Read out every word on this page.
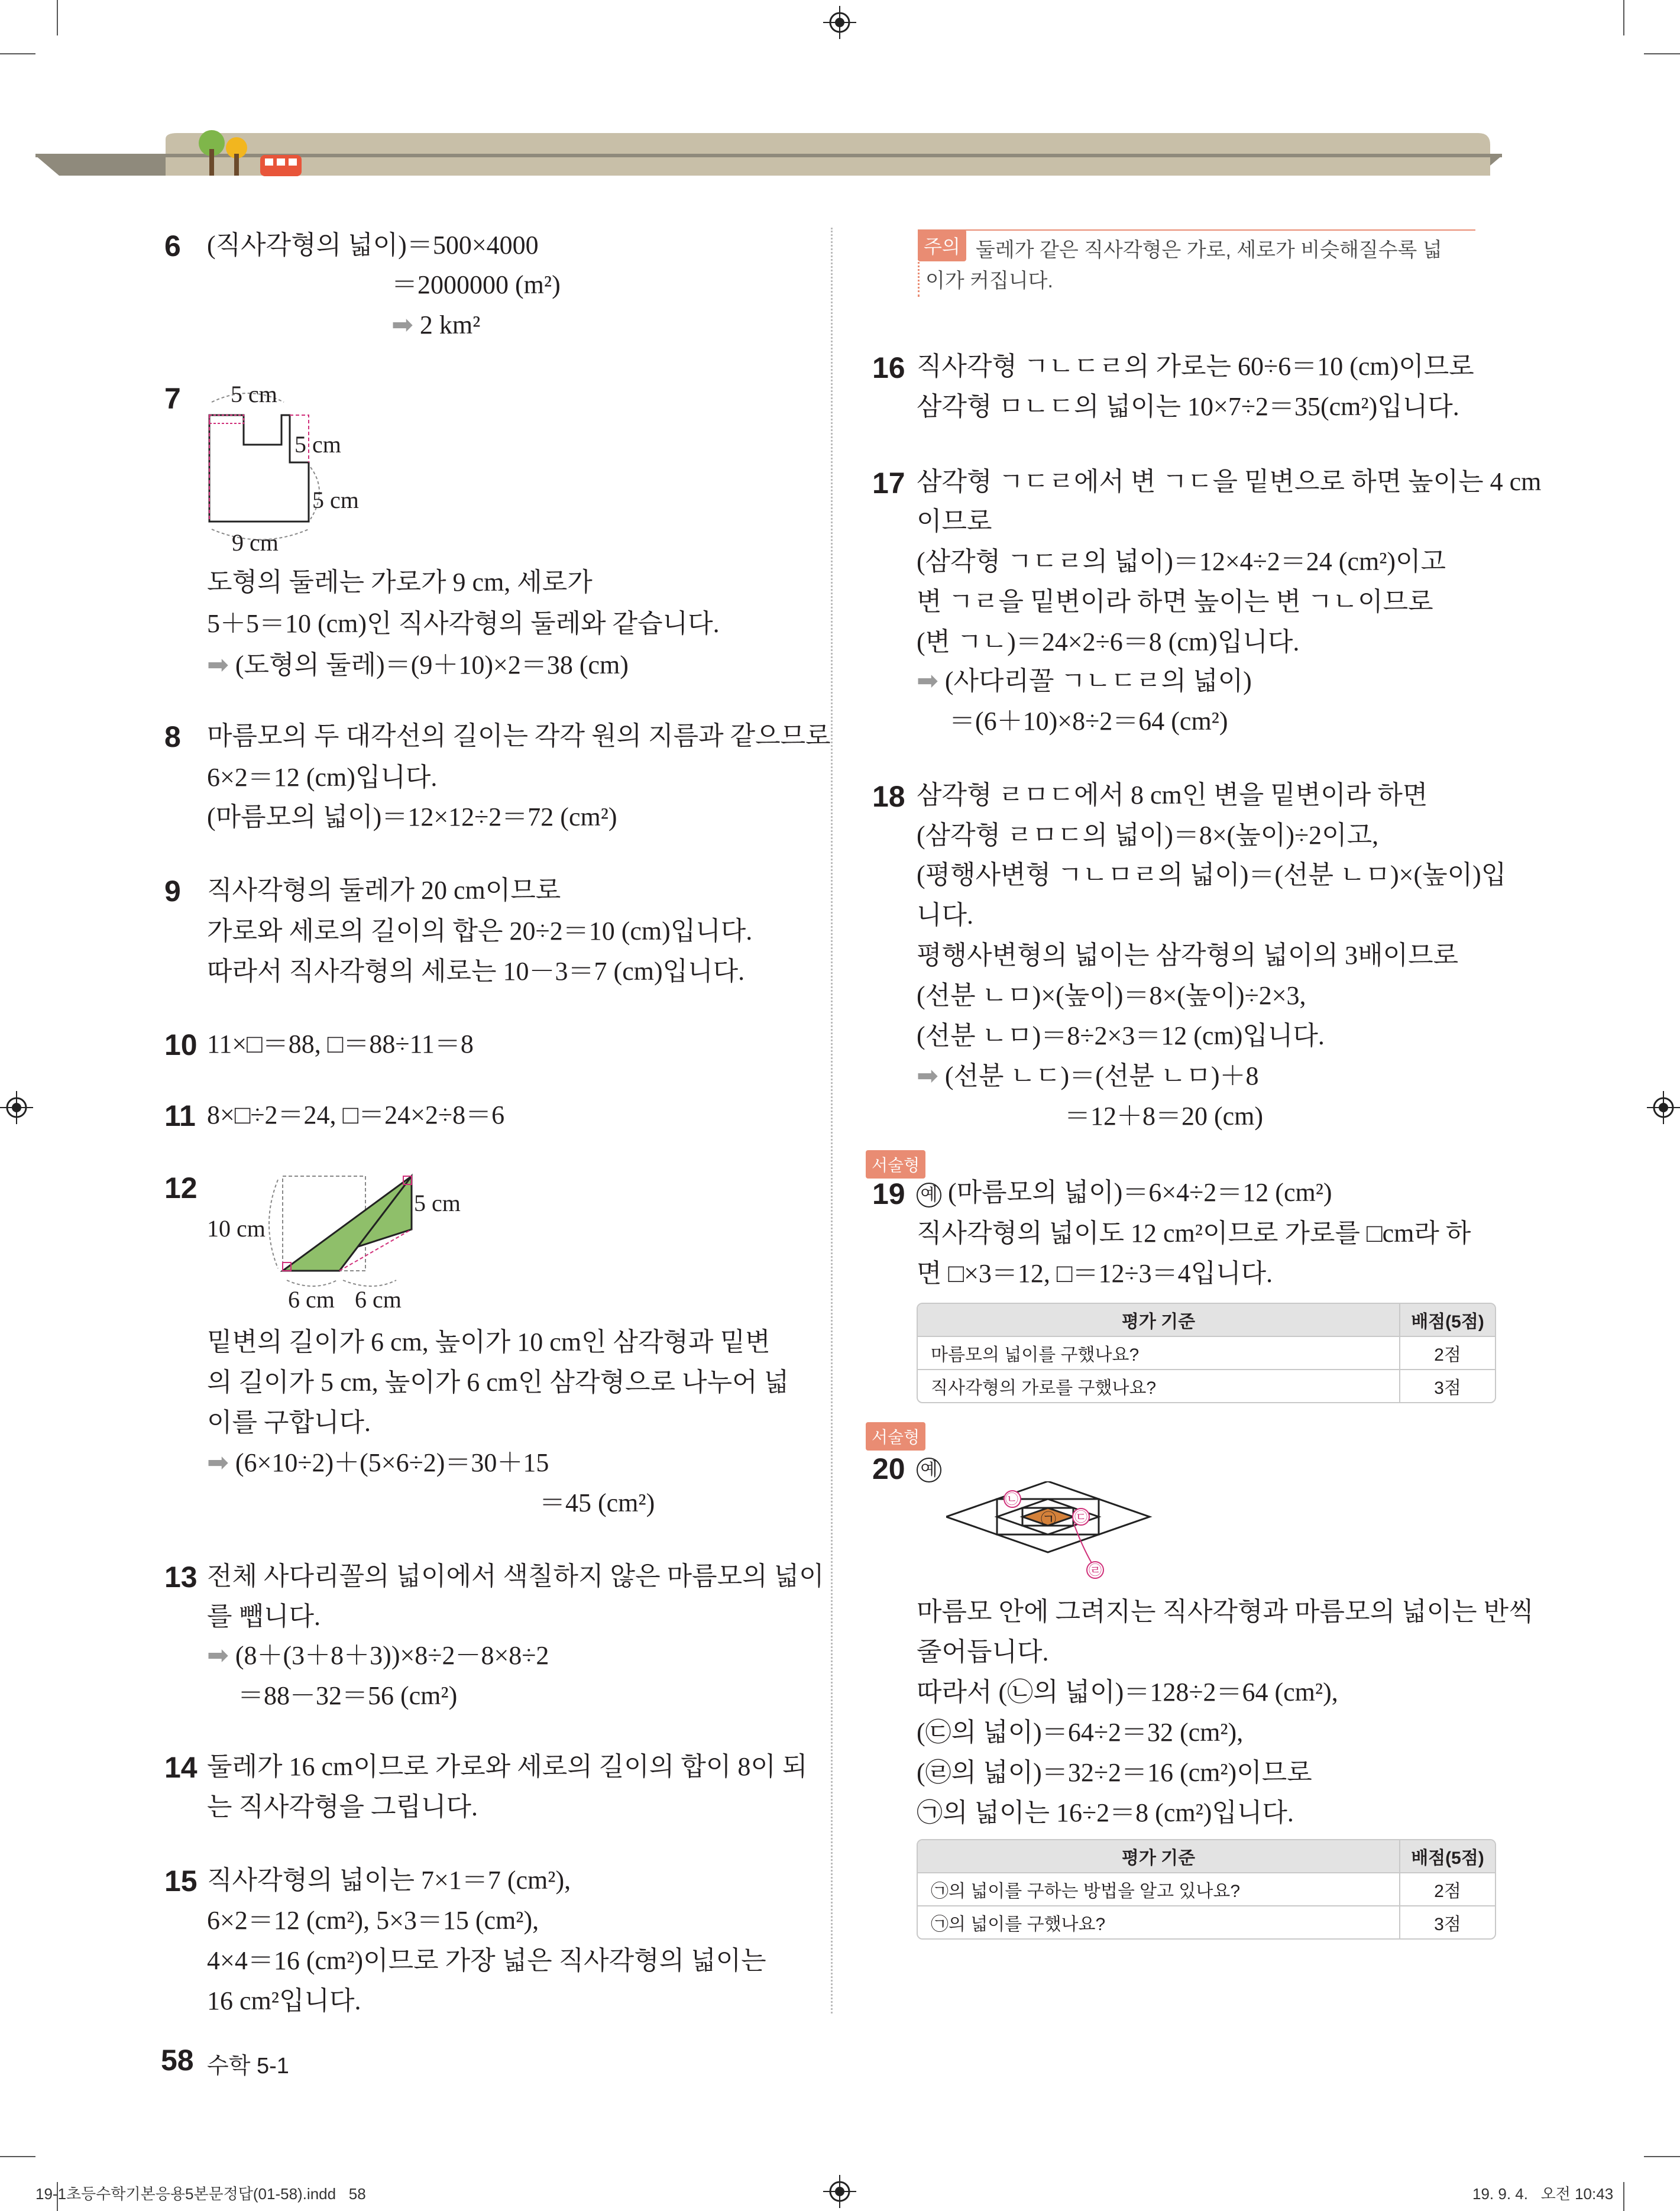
6 (직사각형의 넓이)＝500×4000
＝2000000 (m²)
➡ 2 km²
7 5 cm
5 cm
5 cm
9 cm
도형의 둘레는 가로가 9 cm, 세로가
5＋5＝10 (cm)인 직사각형의 둘레와 같습니다.
➡ (도형의 둘레)＝(9＋10)×2＝38 (cm)
8 마름모의 두 대각선의 길이는 각각 원의 지름과 같으므로
6×2＝12 (cm)입니다.
(마름모의 넓이)＝12×12÷2＝72 (cm²)
9 직사각형의 둘레가 20 cm이므로
가로와 세로의 길이의 합은 20÷2＝10 (cm)입니다.
따라서 직사각형의 세로는 10－3＝7 (cm)입니다.
10 11×□＝88, □＝88÷11＝8
11 8×□÷2＝24, □＝24×2÷8＝6
12
10 cm
5 cm
6 cm 6 cm
밑변의 길이가 6 cm, 높이가 10 cm인 삼각형과 밑변
의 길이가 5 cm, 높이가 6 cm인 삼각형으로 나누어 넓
이를 구합니다.
➡ (6×10÷2)＋(5×6÷2)＝30＋15
＝45 (cm²)
13 전체 사다리꼴의 넓이에서 색칠하지 않은 마름모의 넓이
를 뺍니다.
➡ (8＋(3＋8＋3))×8÷2－8×8÷2
＝88－32＝56 (cm²)
14 둘레가 16 cm이므로 가로와 세로의 길이의 합이 8이 되
는 직사각형을 그립니다.
15 직사각형의 넓이는 7×1＝7 (cm²),
6×2＝12 (cm²), 5×3＝15 (cm²),
4×4＝16 (cm²)이므로 가장 넓은 직사각형의 넓이는
16 cm²입니다.
주의 둘레가 같은 직사각형은 가로, 세로가 비슷해질수록 넓
이가 커집니다.
16 직사각형 ㄱㄴㄷㄹ의 가로는 60÷6＝10 (cm)이므로
삼각형 ㅁㄴㄷ의 넓이는 10×7÷2＝35(cm²)입니다.
17 삼각형 ㄱㄷㄹ에서 변 ㄱㄷ을 밑변으로 하면 높이는 4 cm
이므로
(삼각형 ㄱㄷㄹ의 넓이)＝12×4÷2＝24 (cm²)이고
변 ㄱㄹ을 밑변이라 하면 높이는 변 ㄱㄴ이므로
(변 ㄱㄴ)＝24×2÷6＝8 (cm)입니다.
➡ (사다리꼴 ㄱㄴㄷㄹ의 넓이)
＝(6＋10)×8÷2＝64 (cm²)
18 삼각형 ㄹㅁㄷ에서 8 cm인 변을 밑변이라 하면
(삼각형 ㄹㅁㄷ의 넓이)＝8×(높이)÷2이고,
(평행사변형 ㄱㄴㅁㄹ의 넓이)＝(선분 ㄴㅁ)×(높이)입
니다.
평행사변형의 넓이는 삼각형의 넓이의 3배이므로
(선분 ㄴㅁ)×(높이)＝8×(높이)÷2×3,
(선분 ㄴㅁ)＝8÷2×3＝12 (cm)입니다.
➡ (선분 ㄴㄷ)＝(선분 ㄴㅁ)＋8
＝12＋8＝20 (cm)
서술형
19 예 (마름모의 넓이)＝6×4÷2＝12 (cm²)
직사각형의 넓이도 12 cm²이므로 가로를 □cm라 하
면 □×3＝12, □＝12÷3＝4입니다.
평가 기준	배점(5점)
마름모의 넓이를 구했나요?	2점
직사각형의 가로를 구했나요?	3점
서술형
20 예
㉠
㉡
㉢
㉣
마름모 안에 그려지는 직사각형과 마름모의 넓이는 반씩
줄어듭니다.
따라서 (㉡의 넓이)＝128÷2＝64 (cm²),
(㉢의 넓이)＝64÷2＝32 (cm²),
(㉣의 넓이)＝32÷2＝16 (cm²)이므로
㉠의 넓이는 16÷2＝8 (cm²)입니다.
평가 기준	배점(5점)
㉠의 넓이를 구하는 방법을 알고 있나요?	2점
㉠의 넓이를 구했나요?	3점
58 수학 5-1
19-1초등수학기본응용5본문정답(01-58).indd   58	19. 9. 4.   오전 10:43
